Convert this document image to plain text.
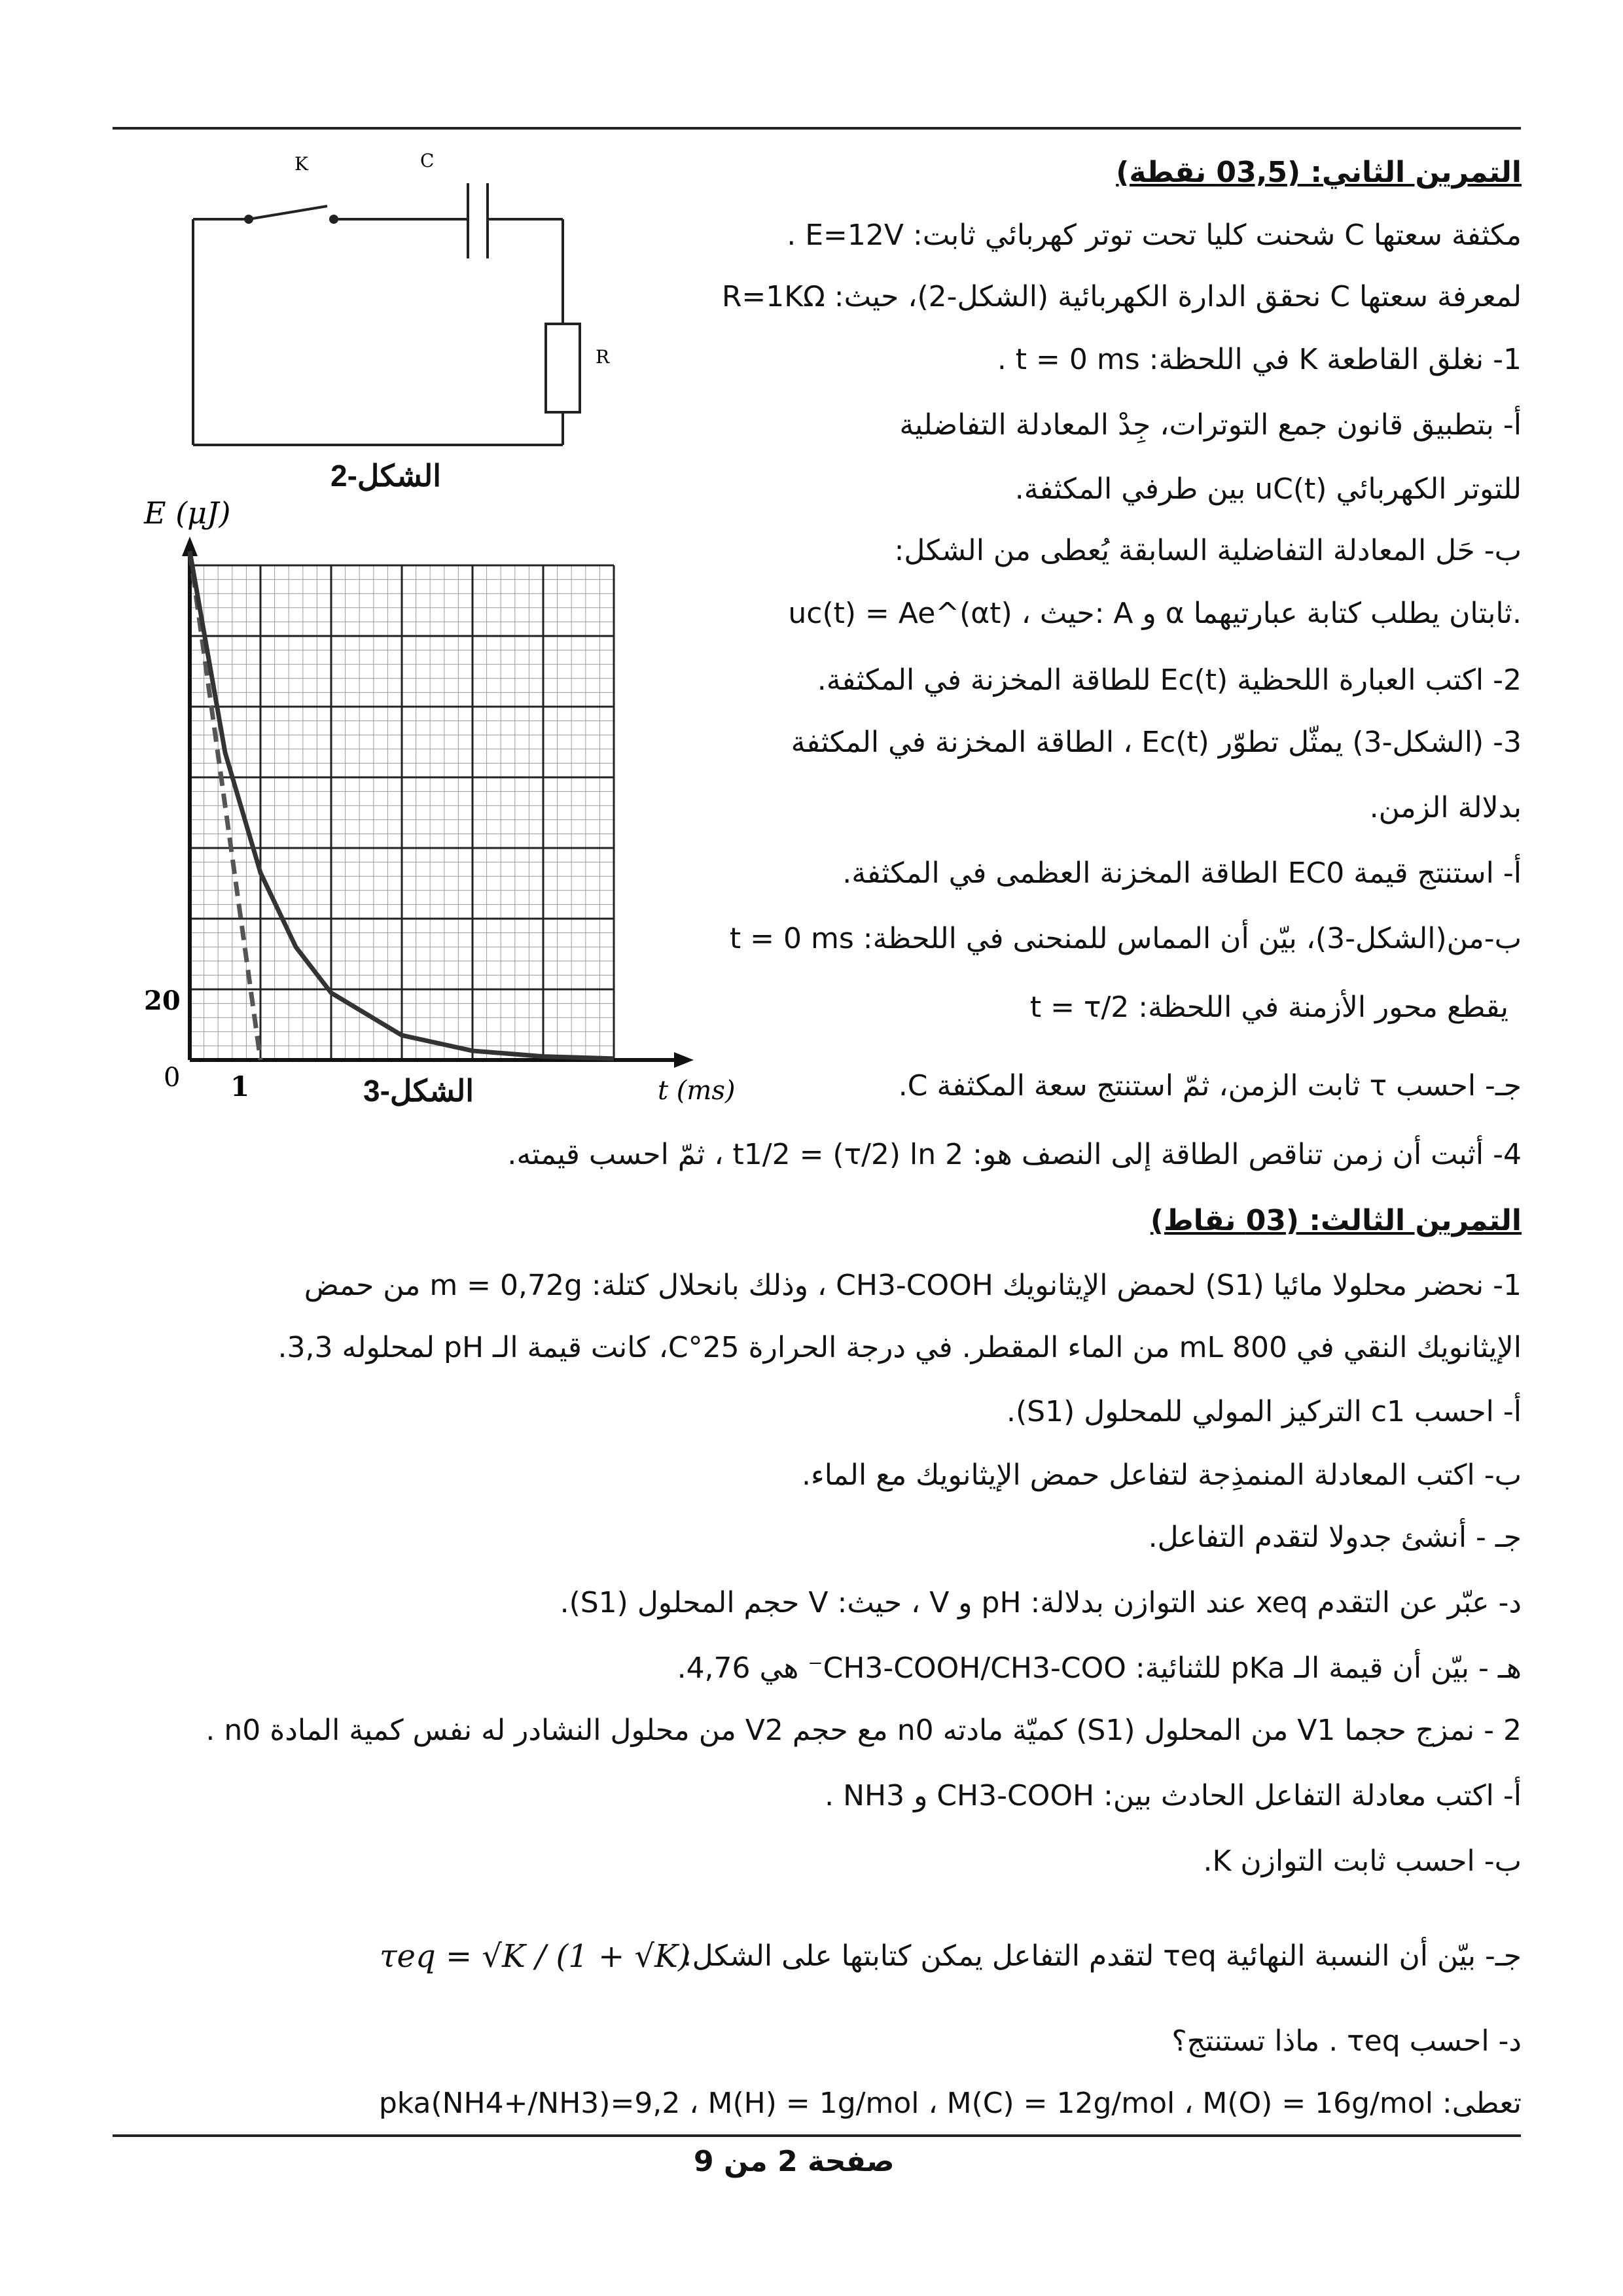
K	C
R
الشكل-2
E (μJ)
t (ms)
20
0 1	الشكل-3
التمرين الثاني: (03,5 نقطة)
مكثفة سعتها C شحنت كليا تحت توتر كهربائي ثابت: E=12V .
لمعرفة سعتها C نحقق الدارة الكهربائية (الشكل-2)، حيث: R=1KΩ
1- نغلق القاطعة K في اللحظة: t = 0 ms .
أ- بتطبيق قانون جمع التوترات، جِدْ المعادلة التفاضلية
للتوتر الكهربائي uC(t) بين طرفي المكثفة.
ب- حَل المعادلة التفاضلية السابقة يُعطى من الشكل:
uc(t) = Ae^(αt) ، حيث: A و α ثابتان يطلب كتابة عبارتيهما.
2- اكتب العبارة اللحظية Ec(t) للطاقة المخزنة في المكثفة.
3- (الشكل-3) يمثّل تطوّر Ec(t) ، الطاقة المخزنة في المكثفة
بدلالة الزمن.
أ- استنتج قيمة EC0 الطاقة المخزنة العظمى في المكثفة.
ب-من(الشكل-3)، بيّن أن المماس للمنحنى في اللحظة: t = 0 ms
يقطع محور الأزمنة في اللحظة: t = τ/2
جـ- احسب τ ثابت الزمن، ثمّ استنتج سعة المكثفة C.
4- أثبت أن زمن تناقص الطاقة إلى النصف هو: t1/2 = (τ/2) ln 2 ، ثمّ احسب قيمته.
التمرين الثالث: (03 نقاط)
1- نحضر محلولا مائيا (S1) لحمض الإيثانويك CH3-COOH ، وذلك بانحلال كتلة: m = 0,72g من حمض
الإيثانويك النقي في 800 mL من الماء المقطر. في درجة الحرارة 25°C، كانت قيمة الـ pH لمحلوله 3,3.
أ- احسب c1 التركيز المولي للمحلول (S1).
ب- اكتب المعادلة المنمذِجة لتفاعل حمض الإيثانويك مع الماء.
جـ - أنشئ جدولا لتقدم التفاعل.
د- عبّر عن التقدم xeq عند التوازن بدلالة: pH و V ، حيث: V حجم المحلول (S1).
هـ - بيّن أن قيمة الـ pKa للثنائية: CH3-COOH/CH3-COO⁻ هي 4,76.
2 - نمزج حجما V1 من المحلول (S1) كميّة مادته n0 مع حجم V2 من محلول النشادر له نفس كمية المادة n0 .
أ- اكتب معادلة التفاعل الحادث بين: CH3-COOH و NH3 .
ب- احسب ثابت التوازن K.
جـ- بيّن أن النسبة النهائية τeq لتقدم التفاعل يمكن كتابتها على الشكل:
τeq = √K / (1 + √K)
د- احسب τeq . ماذا تستنتج؟
تعطى: pka(NH4+/NH3)=9,2 ، M(H) = 1g/mol ، M(C) = 12g/mol ، M(O) = 16g/mol
صفحة 2 من 9
